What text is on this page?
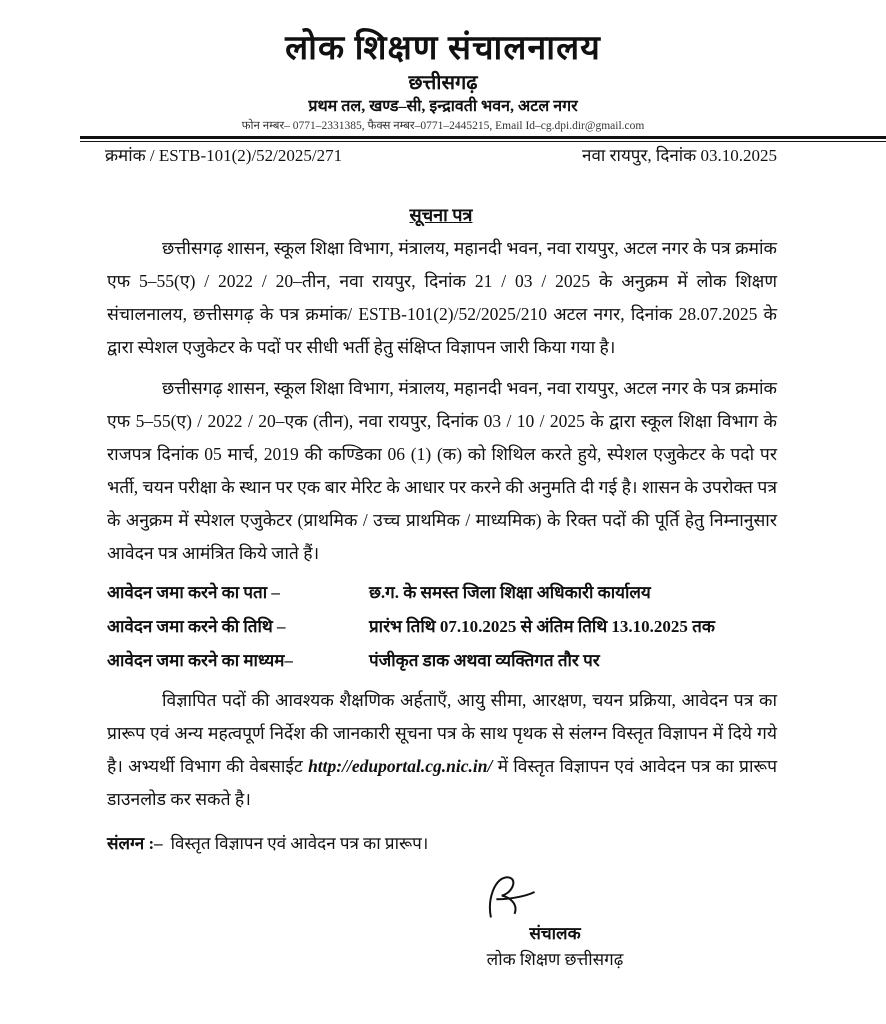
लोक शिक्षण संचालनालय
छत्तीसगढ़
प्रथम तल, खण्ड–सी, इन्द्रावती भवन, अटल नगर
फोन नम्बर– 0771–2331385, फैक्स नम्बर–0771–2445215, Email Id–cg.dpi.dir@gmail.com
क्रमांक / ESTB-101(2)/52/2025/271	नवा रायपुर, दिनांक 03.10.2025
सूचना पत्र
छत्तीसगढ़ शासन, स्कूल शिक्षा विभाग, मंत्रालय, महानदी भवन, नवा रायपुर, अटल नगर के पत्र क्रमांक एफ 5–55(ए) / 2022 / 20–तीन, नवा रायपुर, दिनांक 21 / 03 / 2025 के अनुक्रम में लोक शिक्षण संचालनालय, छत्तीसगढ़ के पत्र क्रमांक/ ESTB-101(2)/52/2025/210 अटल नगर, दिनांक 28.07.2025 के द्वारा स्पेशल एजुकेटर के पदों पर सीधी भर्ती हेतु संक्षिप्त विज्ञापन जारी किया गया है।
छत्तीसगढ़ शासन, स्कूल शिक्षा विभाग, मंत्रालय, महानदी भवन, नवा रायपुर, अटल नगर के पत्र क्रमांक एफ 5–55(ए) / 2022 / 20–एक (तीन), नवा रायपुर, दिनांक 03 / 10 / 2025 के द्वारा स्कूल शिक्षा विभाग के राजपत्र दिनांक 05 मार्च, 2019 की कण्डिका 06 (1) (क) को शिथिल करते हुये, स्पेशल एजुकेटर के पदो पर भर्ती, चयन परीक्षा के स्थान पर एक बार मेरिट के आधार पर करने की अनुमति दी गई है। शासन के उपरोक्त पत्र के अनुक्रम में स्पेशल एजुकेटर (प्राथमिक / उच्च प्राथमिक / माध्यमिक) के रिक्त पदों की पूर्ति हेतु निम्नानुसार आवेदन पत्र आमंत्रित किये जाते हैं।
आवेदन जमा करने का पता –	छ.ग. के समस्त जिला शिक्षा अधिकारी कार्यालय
आवेदन जमा करने की तिथि –	प्रारंभ तिथि 07.10.2025 से अंतिम तिथि 13.10.2025 तक
आवेदन जमा करने का माध्यम–	पंजीकृत डाक अथवा व्यक्तिगत तौर पर
विज्ञापित पदों की आवश्यक शैक्षणिक अर्हताएँ, आयु सीमा, आरक्षण, चयन प्रक्रिया, आवेदन पत्र का प्रारूप एवं अन्य महत्वपूर्ण निर्देश की जानकारी सूचना पत्र के साथ पृथक से संलग्न विस्तृत विज्ञापन में दिये गये है। अभ्यर्थी विभाग की वेबसाईट http://eduportal.cg.nic.in/ में विस्तृत विज्ञापन एवं आवेदन पत्र का प्रारूप डाउनलोड कर सकते है।
संलग्न :– विस्तृत विज्ञापन एवं आवेदन पत्र का प्रारूप।
संचालक
लोक शिक्षण छत्तीसगढ़
